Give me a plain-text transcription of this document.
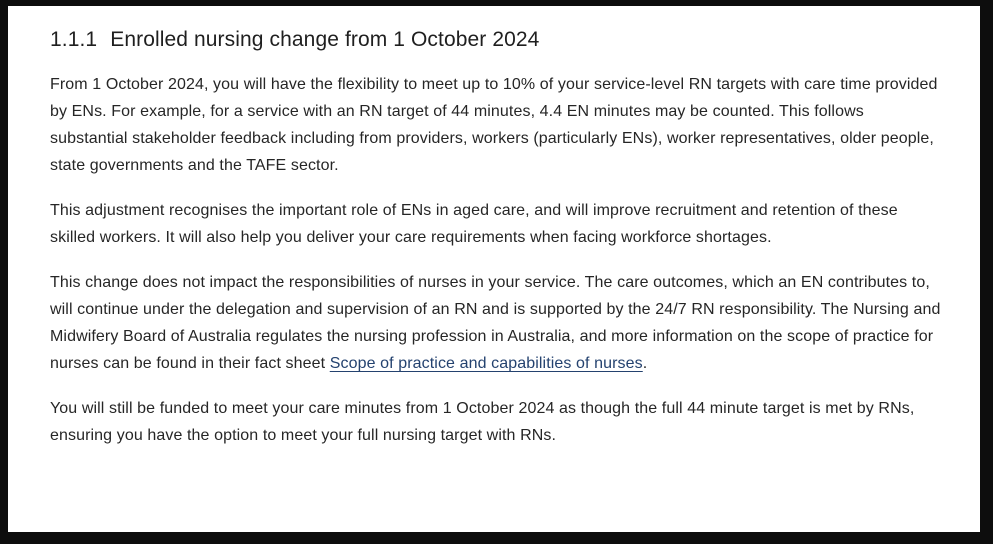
1.1.1 Enrolled nursing change from 1 October 2024

From 1 October 2024, you will have the flexibility to meet up to 10% of your service-level RN targets with care time provided by ENs. For example, for a service with an RN target of 44 minutes, 4.4 EN minutes may be counted. This follows substantial stakeholder feedback including from providers, workers (particularly ENs), worker representatives, older people, state governments and the TAFE sector.

This adjustment recognises the important role of ENs in aged care, and will improve recruitment and retention of these skilled workers. It will also help you deliver your care requirements when facing workforce shortages.

This change does not impact the responsibilities of nurses in your service. The care outcomes, which an EN contributes to, will continue under the delegation and supervision of an RN and is supported by the 24/7 RN responsibility. The Nursing and Midwifery Board of Australia regulates the nursing profession in Australia, and more information on the scope of practice for nurses can be found in their fact sheet Scope of practice and capabilities of nurses.

You will still be funded to meet your care minutes from 1 October 2024 as though the full 44 minute target is met by RNs, ensuring you have the option to meet your full nursing target with RNs.
